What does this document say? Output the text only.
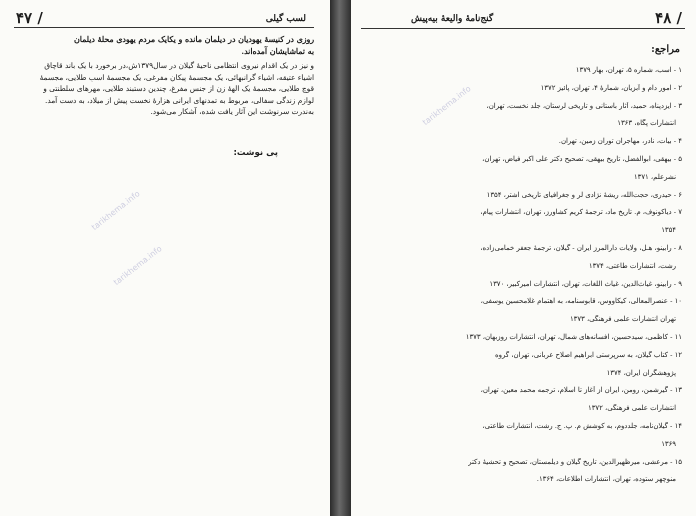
۴۷ /	لسب گیلی
روزی در کنیسهٔ یهودیان در دیلمان مانده و یکایک مردم یهودی محلهٔ دیلمان
به تماشایشان آمده‌اند.
و نیز در یک اقدام نیروی انتظامی ناحیهٔ گیلان در سال۱۳۷۹ش،در برخورد با یک باند قاچاق
اشیاء عتیقه، اشیاء گرانبهائی، یک مجسمهٔ پیکان مفرغی، یک مجسمهٔ اسب طلایی، مجسمهٔ
قوچ طلایی، مجسمهٔ یک الههٔ زن از جنس مفرغ، چندین دستبند طلایی، مهرهای سلطنتی و
لوازم زندگی سفالی، مربوط به تمدنهای ایرانی هزارهٔ نخست پیش از میلاد، به دست آمد.
به‌ندرت سرنوشت این آثار یافت شده، آشکار می‌شود.
پی نوشت:
tarikhema.info
tarikhema.info
۴۸ /
گنج‌نامهٔ والیعهٔ بیه‌پیش
مراجع:
۱ - اسب، شماره ۵، تهران، بهار ۱۳۷۹
۲ - امور دام و آبزیان، شمارهٔ ۴، تهران، پائیز ۱۳۷۲
۳ - ایزدپناه، حمید، آثار باستانی و تاریخی لرستان، جلد نخست، تهران،
انتشارات پگاه، ۱۳۶۳
۴ - بیات، نادر، مهاجران توران زمین، تهران.
۵ - بیهقی، ابوالفضل، تاریخ بیهقی، تصحیح دکتر علی اکبر فیاض، تهران،
نشرعلم، ۱۳۷۱
۶ - حیدری، حجت‌الله، ریشهٔ نژادی لر و جغرافیای تاریخی اشتر، ۱۳۵۴
۷ - دیاکونوف، م. تاریخ ماد، ترجمهٔ کریم کشاورز، تهران، انتشارات پیام،
۱۳۵۴
۸ - رابینو، هـل، ولایات دارالمرز ایران - گیلان، ترجمهٔ جعفر خمامی‌زاده،
رشت، انتشارات طاعتی، ۱۳۷۴
۹ - رابینو، غیاث‌الدین، غیاث اللغات، تهران، انتشارات امیرکبیر، ۱۳۷۰
۱۰ - عنصرالمعالی، کیکاووس، قابوسنامه، به اهتمام غلامحسین یوسفی،
تهران انتشارات علمی فرهنگی، ۱۳۷۳
۱۱ - کاظمی، سیدحسین، افسانه‌های شمال، تهران، انتشارات روزبهان، ۱۳۷۳
۱۲ - کتاب گیلان، به سرپرستی ابراهیم اصلاح عربانی، تهران، گروه
پژوهشگران ایران، ۱۳۷۴
۱۳ - گیرشمن، رومن، ایران از آغاز تا اسلام، ترجمه محمد معین، تهران،
انتشارات علمی فرهنگی، ۱۳۷۲
۱۴ - گیلان‌نامه، جلددوم، به کوشش م. پ. ج. رشت، انتشارات طاعتی،
۱۳۶۹
۱۵ - مرعشی، میرظهیرالدین، تاریخ گیلان و دیلمستان، تصحیح و تحشیهٔ دکتر
منوچهر ستوده، تهران، انتشارات اطلاعات، ۱۳۶۴.
tarikhema.info
